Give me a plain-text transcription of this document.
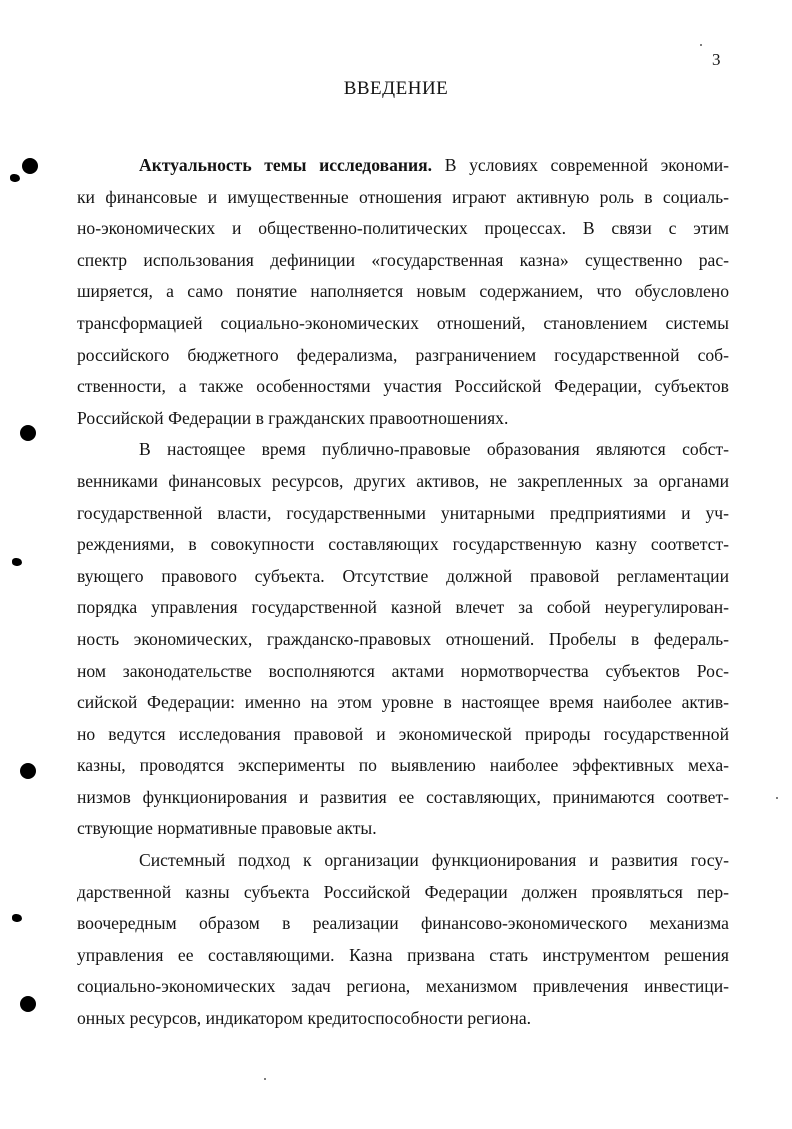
3
ВВЕДЕНИЕ
Актуальность темы исследования. В условиях современной экономи-
ки финансовые и имущественные отношения играют активную роль в социаль-
но-экономических и общественно-политических процессах. В связи с этим
спектр использования дефиниции «государственная казна» существенно рас-
ширяется, а само понятие наполняется новым содержанием, что обусловлено
трансформацией социально-экономических отношений, становлением системы
российского бюджетного федерализма, разграничением государственной соб-
ственности, а также особенностями участия Российской Федерации, субъектов
Российской Федерации в гражданских правоотношениях.
В настоящее время публично-правовые образования являются собст-
венниками финансовых ресурсов, других активов, не закрепленных за органами
государственной власти, государственными унитарными предприятиями и уч-
реждениями, в совокупности составляющих государственную казну соответст-
вующего правового субъекта. Отсутствие должной правовой регламентации
порядка управления государственной казной влечет за собой неурегулирован-
ность экономических, гражданско-правовых отношений. Пробелы в федераль-
ном законодательстве восполняются актами нормотворчества субъектов Рос-
сийской Федерации: именно на этом уровне в настоящее время наиболее актив-
но ведутся исследования правовой и экономической природы государственной
казны, проводятся эксперименты по выявлению наиболее эффективных меха-
низмов функционирования и развития ее составляющих, принимаются соответ-
ствующие нормативные правовые акты.
Системный подход к организации функционирования и развития госу-
дарственной казны субъекта Российской Федерации должен проявляться пер-
воочередным образом в реализации финансово-экономического механизма
управления ее составляющими. Казна призвана стать инструментом решения
социально-экономических задач региона, механизмом привлечения инвестици-
онных ресурсов, индикатором кредитоспособности региона.
